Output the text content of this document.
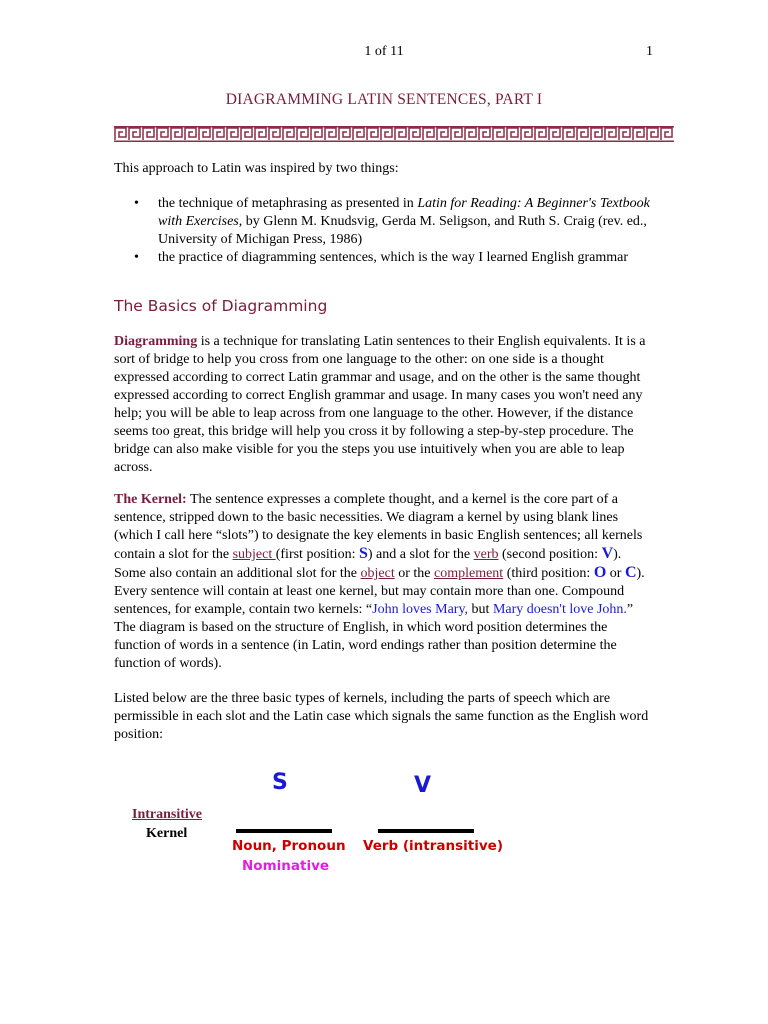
1 of 11	1
DIAGRAMMING LATIN SENTENCES, PART I
This approach to Latin was inspired by two things:
• the technique of metaphrasing as presented in Latin for Reading: A Beginner's Textbook with Exercises, by Glenn M. Knudsvig, Gerda M. Seligson, and Ruth S. Craig (rev. ed., University of Michigan Press, 1986)
• the practice of diagramming sentences, which is the way I learned English grammar
The Basics of Diagramming
Diagramming is a technique for translating Latin sentences to their English equivalents. It is a sort of bridge to help you cross from one language to the other: on one side is a thought expressed according to correct Latin grammar and usage, and on the other is the same thought expressed according to correct English grammar and usage. In many cases you won't need any help; you will be able to leap across from one language to the other. However, if the distance seems too great, this bridge will help you cross it by following a step-by-step procedure. The bridge can also make visible for you the steps you use intuitively when you are able to leap across.
The Kernel: The sentence expresses a complete thought, and a kernel is the core part of a sentence, stripped down to the basic necessities. We diagram a kernel by using blank lines (which I call here “slots”) to designate the key elements in basic English sentences; all kernels contain a slot for the subject (first position: S) and a slot for the verb (second position: V). Some also contain an additional slot for the object or the complement (third position: O or C). Every sentence will contain at least one kernel, but may contain more than one. Compound sentences, for example, contain two kernels: “John loves Mary, but Mary doesn't love John.” The diagram is based on the structure of English, in which word position determines the function of words in a sentence (in Latin, word endings rather than position determine the function of words).
Listed below are the three basic types of kernels, including the parts of speech which are permissible in each slot and the Latin case which signals the same function as the English word position:
S	V
Intransitive
Kernel
Noun, Pronoun Verb (intransitive)
Nominative
